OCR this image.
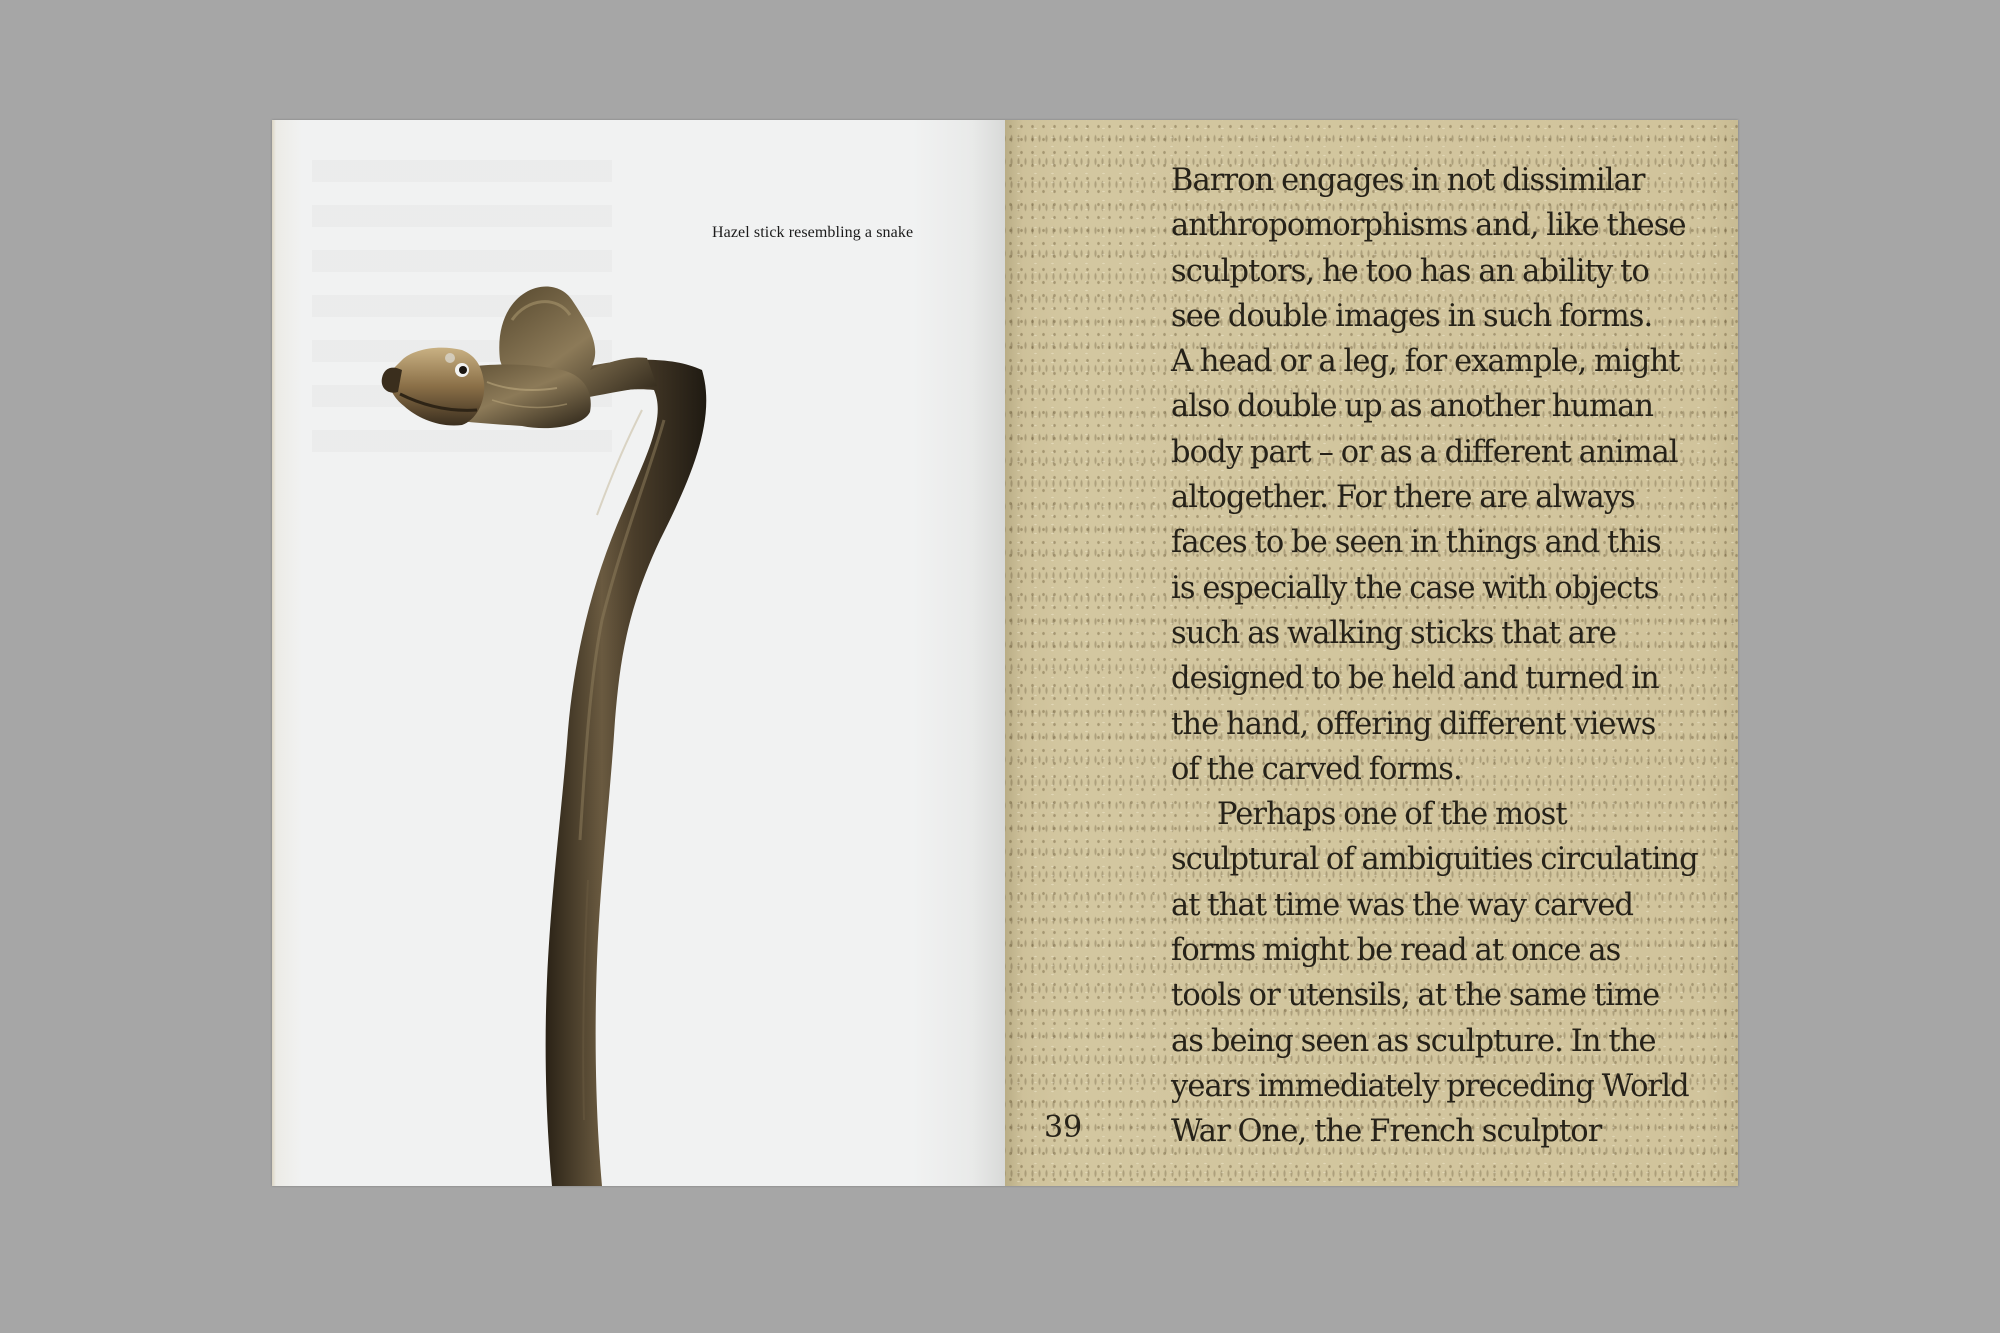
Hazel stick resembling a snake

Barron engages in not dissimilar
anthropomorphisms and, like these
sculptors, he too has an ability to
see double images in such forms.
A head or a leg, for example, might
also double up as another human
body part – or as a different animal
altogether. For there are always
faces to be seen in things and this
is especially the case with objects
such as walking sticks that are
designed to be held and turned in
the hand, offering different views
of the carved forms.
Perhaps one of the most
sculptural of ambiguities circulating
at that time was the way carved
forms might be read at once as
tools or utensils, at the same time
as being seen as sculpture. In the
years immediately preceding World
War One, the French sculptor

39
